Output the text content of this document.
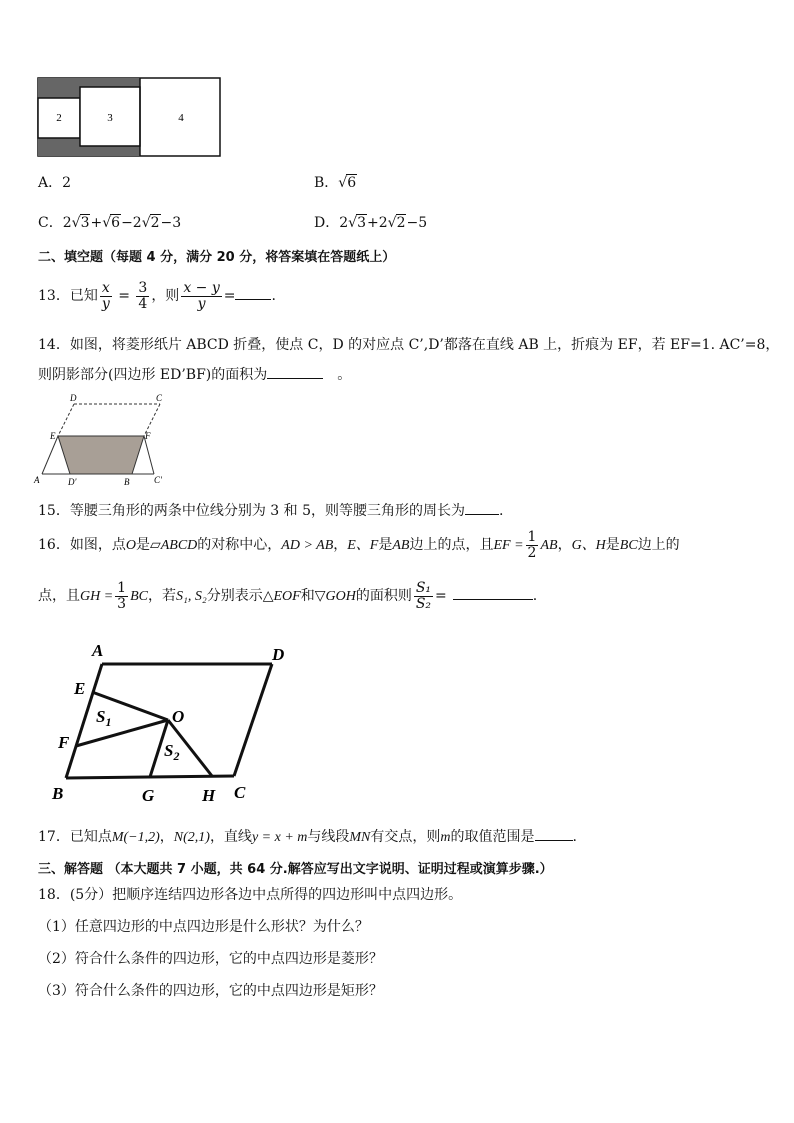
2	3	4
A．2	B．√6
C．2√3+√6−2√2−3	D．2√3+2√2−5
二、填空题（每题 4 分，满分 20 分，将答案填在答题纸上）
13．已知 $\frac{x}{y} = \frac{3}{4}$ ，则 $\frac{x - y}{y}$ =	.
14．如图，将菱形纸片 ABCD 折叠，使点 C，D 的对应点 C’,D’都落在直线 AB 上，折痕为 EF，若 EF=1. AC’=8，
则阴影部分(四边形 ED’BF)的面积为	。
D	C
E	F
A	D'	B	C'
15．等腰三角形的两条中位线分别为 3 和 5，则等腰三角形的周长为 .
16．如图，点O是▱ABCD的对称中心，AD > AB，E、F是AB边上的点，且EF = $\frac{1}{2}$ AB，G、H是BC边上的
点，且GH = $\frac{1}{3}$ BC，若S₁, S₂分别表示△EOF和▽GOH的面积则 $\frac{\text{S₁}}{\text{S₂}}$ =	.
A	D
E
O
$S_1$
F	$S_2$
B	G	H C
17．已知点M(−1,2)，N(2,1)，直线y = x + m与线段MN有交点，则m的取值范围是	.
三、解答题 （本大题共 7 小题，共 64 分.解答应写出文字说明、证明过程或演算步骤.）
18．(5分）把顺序连结四边形各边中点所得的四边形叫中点四边形。
（1）任意四边形的中点四边形是什么形状？为什么？
（2）符合什么条件的四边形，它的中点四边形是菱形？
（3）符合什么条件的四边形，它的中点四边形是矩形？
